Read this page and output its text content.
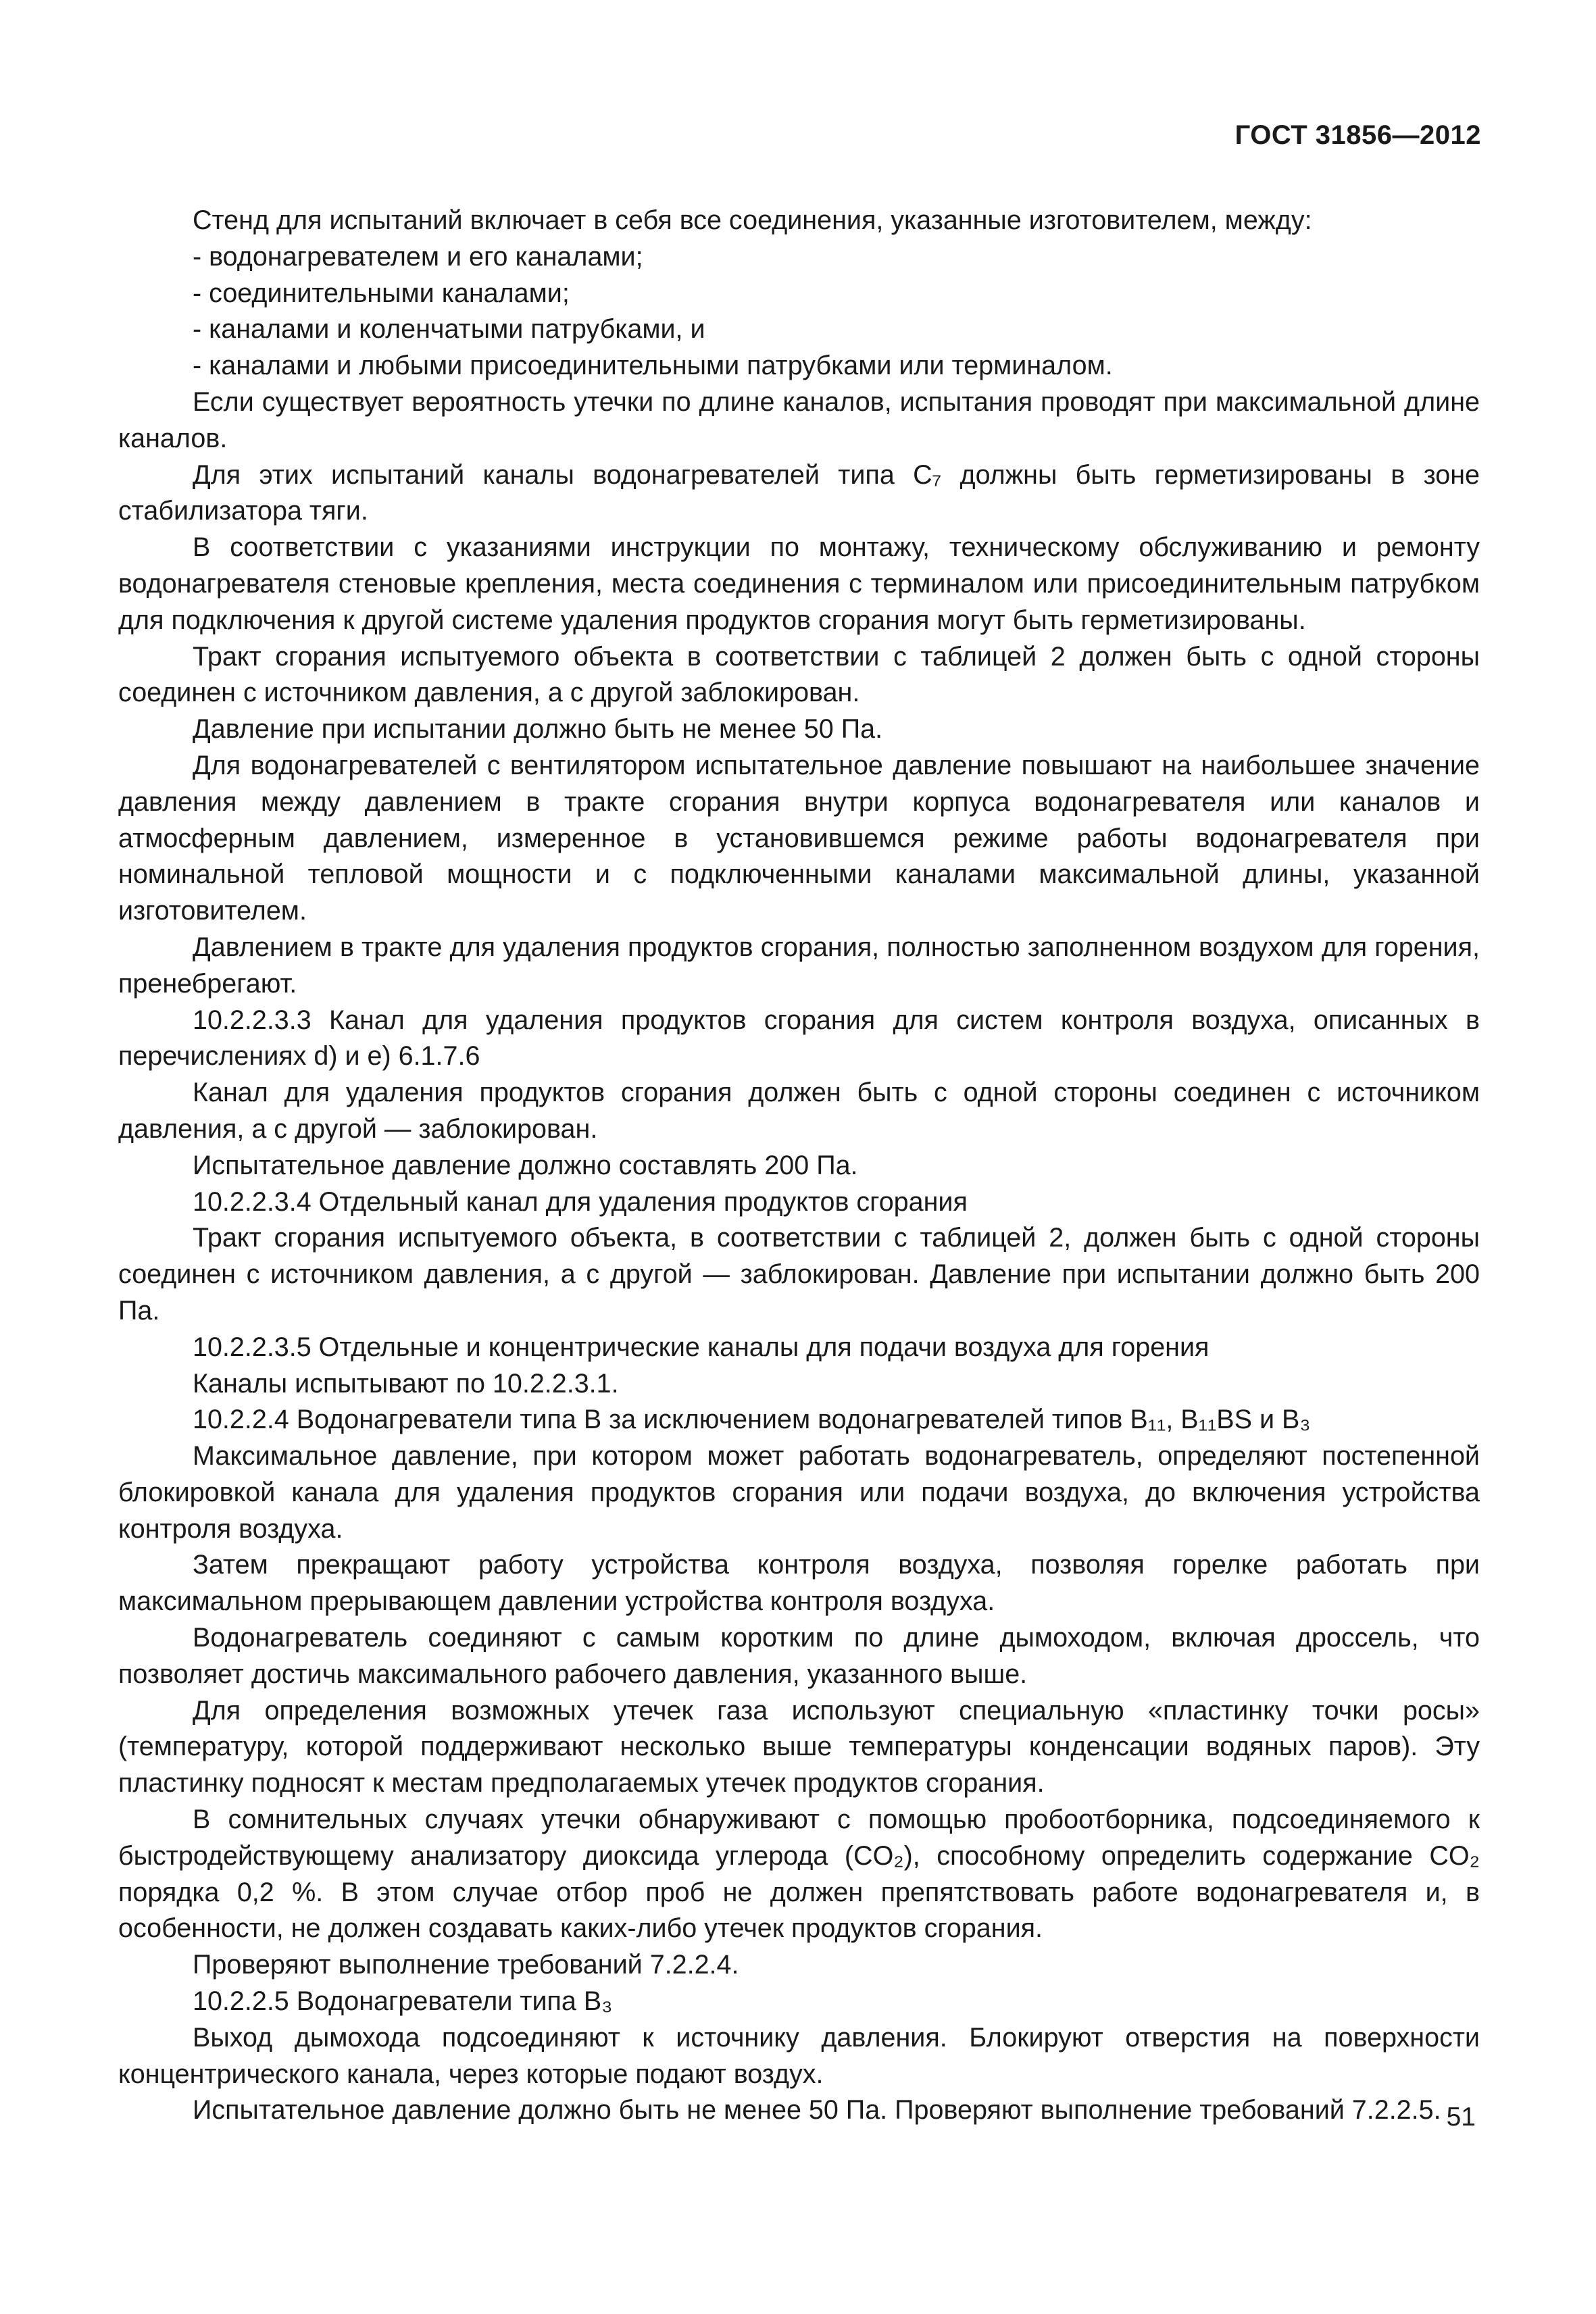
ГОСТ 31856—2012

Стенд для испытаний включает в себя все соединения, указанные изготовителем, между:

- водонагревателем и его каналами;

- соединительными каналами;

- каналами и коленчатыми патрубками, и

- каналами и любыми присоединительными патрубками или терминалом.

Если существует вероятность утечки по длине каналов, испытания проводят при максимальной длине каналов.

Для этих испытаний каналы водонагревателей типа C₇ должны быть герметизированы в зоне стабилизатора тяги.

В соответствии с указаниями инструкции по монтажу, техническому обслуживанию и ремонту водонагревателя стеновые крепления, места соединения с терминалом или присоединительным патрубком для подключения к другой системе удаления продуктов сгорания могут быть герметизированы.

Тракт сгорания испытуемого объекта в соответствии с таблицей 2 должен быть с одной стороны соединен с источником давления, а с другой заблокирован.

Давление при испытании должно быть не менее 50 Па.

Для водонагревателей с вентилятором испытательное давление повышают на наибольшее значение давления между давлением в тракте сгорания внутри корпуса водонагревателя или каналов и атмосферным давлением, измеренное в установившемся режиме работы водонагревателя при номинальной тепловой мощности и с подключенными каналами максимальной длины, указанной изготовителем.

Давлением в тракте для удаления продуктов сгорания, полностью заполненном воздухом для горения, пренебрегают.

10.2.2.3.3 Канал для удаления продуктов сгорания для систем контроля воздуха, описанных в перечислениях d) и e) 6.1.7.6

Канал для удаления продуктов сгорания должен быть с одной стороны соединен с источником давления, а с другой — заблокирован.

Испытательное давление должно составлять 200 Па.

10.2.2.3.4 Отдельный канал для удаления продуктов сгорания

Тракт сгорания испытуемого объекта, в соответствии с таблицей 2, должен быть с одной стороны соединен с источником давления, а с другой — заблокирован. Давление при испытании должно быть 200 Па.

10.2.2.3.5 Отдельные и концентрические каналы для подачи воздуха для горения

Каналы испытывают по 10.2.2.3.1.

10.2.2.4 Водонагреватели типа B за исключением водонагревателей типов B₁₁, B₁₁BS и B₃

Максимальное давление, при котором может работать водонагреватель, определяют постепенной блокировкой канала для удаления продуктов сгорания или подачи воздуха, до включения устройства контроля воздуха.

Затем прекращают работу устройства контроля воздуха, позволяя горелке работать при максимальном прерывающем давлении устройства контроля воздуха.

Водонагреватель соединяют с самым коротким по длине дымоходом, включая дроссель, что позволяет достичь максимального рабочего давления, указанного выше.

Для определения возможных утечек газа используют специальную «пластинку точки росы» (температуру, которой поддерживают несколько выше температуры конденсации водяных паров). Эту пластинку подносят к местам предполагаемых утечек продуктов сгорания.

В сомнительных случаях утечки обнаруживают с помощью пробоотборника, подсоединяемого к быстродействующему анализатору диоксида углерода (CO₂), способному определить содержание CO₂ порядка 0,2 %. В этом случае отбор проб не должен препятствовать работе водонагревателя и, в особенности, не должен создавать каких-либо утечек продуктов сгорания.

Проверяют выполнение требований 7.2.2.4.

10.2.2.5 Водонагреватели типа B₃

Выход дымохода подсоединяют к источнику давления. Блокируют отверстия на поверхности концентрического канала, через которые подают воздух.

Испытательное давление должно быть не менее 50 Па. Проверяют выполнение требований 7.2.2.5. 51
